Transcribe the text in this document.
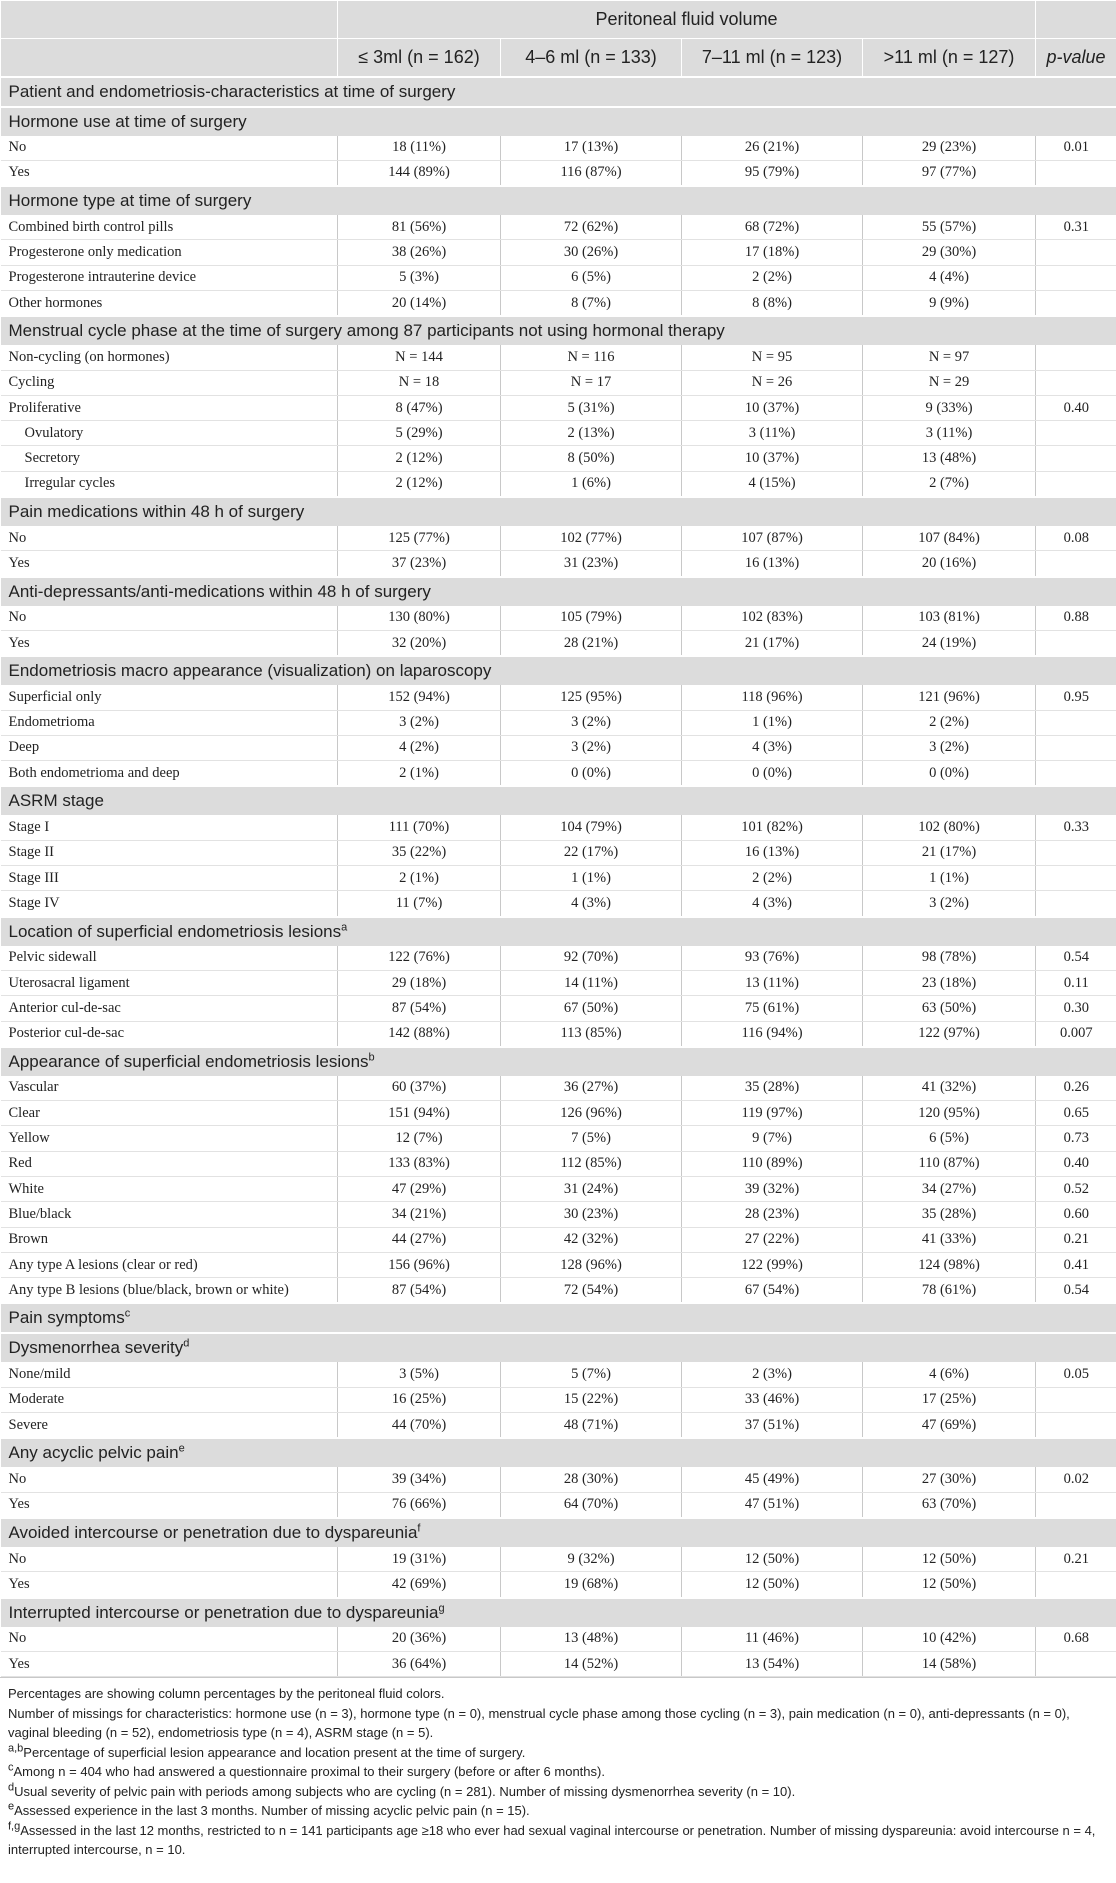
	Peritoneal fluid volume				
	≤ 3ml (n = 162)	4–6 ml (n = 133)	7–11 ml (n = 123)	>11 ml (n = 127)	p-value
Patient and endometriosis-characteristics at time of surgery					
Hormone use at time of surgery					
No	18 (11%)	17 (13%)	26 (21%)	29 (23%)	0.01
Yes	144 (89%)	116 (87%)	95 (79%)	97 (77%)	
Hormone type at time of surgery					
Combined birth control pills	81 (56%)	72 (62%)	68 (72%)	55 (57%)	0.31
Progesterone only medication	38 (26%)	30 (26%)	17 (18%)	29 (30%)	
Progesterone intrauterine device	5 (3%)	6 (5%)	2 (2%)	4 (4%)	
Other hormones	20 (14%)	8 (7%)	8 (8%)	9 (9%)	
Menstrual cycle phase at the time of surgery among 87 participants not using hormonal therapy					
Non-cycling (on hormones)	N = 144	N = 116	N = 95	N = 97	
Cycling	N = 18	N = 17	N = 26	N = 29	
Proliferative	8 (47%)	5 (31%)	10 (37%)	9 (33%)	0.40
Ovulatory	5 (29%)	2 (13%)	3 (11%)	3 (11%)	
Secretory	2 (12%)	8 (50%)	10 (37%)	13 (48%)	
Irregular cycles	2 (12%)	1 (6%)	4 (15%)	2 (7%)	
Pain medications within 48 h of surgery					
No	125 (77%)	102 (77%)	107 (87%)	107 (84%)	0.08
Yes	37 (23%)	31 (23%)	16 (13%)	20 (16%)	
Anti-depressants/anti-medications within 48 h of surgery					
No	130 (80%)	105 (79%)	102 (83%)	103 (81%)	0.88
Yes	32 (20%)	28 (21%)	21 (17%)	24 (19%)	
Endometriosis macro appearance (visualization) on laparoscopy					
Superficial only	152 (94%)	125 (95%)	118 (96%)	121 (96%)	0.95
Endometrioma	3 (2%)	3 (2%)	1 (1%)	2 (2%)	
Deep	4 (2%)	3 (2%)	4 (3%)	3 (2%)	
Both endometrioma and deep	2 (1%)	0 (0%)	0 (0%)	0 (0%)	
ASRM stage					
Stage I	111 (70%)	104 (79%)	101 (82%)	102 (80%)	0.33
Stage II	35 (22%)	22 (17%)	16 (13%)	21 (17%)	
Stage III	2 (1%)	1 (1%)	2 (2%)	1 (1%)	
Stage IV	11 (7%)	4 (3%)	4 (3%)	3 (2%)	
Location of superficial endometriosis lesions$^a$
Pelvic sidewall	122 (76%)	92 (70%)	93 (76%)	98 (78%)	0.54
Uterosacral ligament	29 (18%)	14 (11%)	13 (11%)	23 (18%)	0.11
Anterior cul-de-sac	87 (54%)	67 (50%)	75 (61%)	63 (50%)	0.30
Posterior cul-de-sac	142 (88%)	113 (85%)	116 (94%)	122 (97%)	0.007
Appearance of superficial endometriosis lesions$^b$
Vascular	60 (37%)	36 (27%)	35 (28%)	41 (32%)	0.26
Clear	151 (94%)	126 (96%)	119 (97%)	120 (95%)	0.65
Yellow	12 (7%)	7 (5%)	9 (7%)	6 (5%)	0.73
Red	133 (83%)	112 (85%)	110 (89%)	110 (87%)	0.40
White	47 (29%)	31 (24%)	39 (32%)	34 (27%)	0.52
Blue/black	34 (21%)	30 (23%)	28 (23%)	35 (28%)	0.60
Brown	44 (27%)	42 (32%)	27 (22%)	41 (33%)	0.21
Any type A lesions (clear or red)	156 (96%)	128 (96%)	122 (99%)	124 (98%)	0.41
Any type B lesions (blue/black, brown or white)	87 (54%)	72 (54%)	67 (54%)	78 (61%)	0.54
Pain symptoms$^c$
Dysmenorrhea severity$^d$
None/mild	3 (5%)	5 (7%)	2 (3%)	4 (6%)	0.05
Moderate	16 (25%)	15 (22%)	33 (46%)	17 (25%)	
Severe	44 (70%)	48 (71%)	37 (51%)	47 (69%)	
Any acyclic pelvic pain$^e$
No	39 (34%)	28 (30%)	45 (49%)	27 (30%)	0.02
Yes	76 (66%)	64 (70%)	47 (51%)	63 (70%)	
Avoided intercourse or penetration due to dyspareunia$^f$
No	19 (31%)	9 (32%)	12 (50%)	12 (50%)	0.21
Yes	42 (69%)	19 (68%)	12 (50%)	12 (50%)	
Interrupted intercourse or penetration due to dyspareunia$^g$
No	20 (36%)	13 (48%)	11 (46%)	10 (42%)	0.68
Yes	36 (64%)	14 (52%)	13 (54%)	14 (58%)	

Percentages are showing column percentages by the peritoneal fluid colors.

Number of missings for characteristics: hormone use (n = 3), hormone type (n = 0), menstrual cycle phase among those cycling (n = 3), pain medication (n = 0), anti-depressants (n = 0), vaginal bleeding (n = 52), endometriosis type (n = 4), ASRM stage (n = 5).

$^{a,b}$Percentage of superficial lesion appearance and location present at the time of surgery.

$^c$Among n = 404 who had answered a questionnaire proximal to their surgery (before or after 6 months).

$^d$Usual severity of pelvic pain with periods among subjects who are cycling (n = 281). Number of missing dysmenorrhea severity (n = 10).

$^e$Assessed experience in the last 3 months. Number of missing acyclic pelvic pain (n = 15).

$^{f,g}$Assessed in the last 12 months, restricted to n = 141 participants age ≥18 who ever had sexual vaginal intercourse or penetration. Number of missing dyspareunia: avoid intercourse n = 4, interrupted intercourse, n = 10.
